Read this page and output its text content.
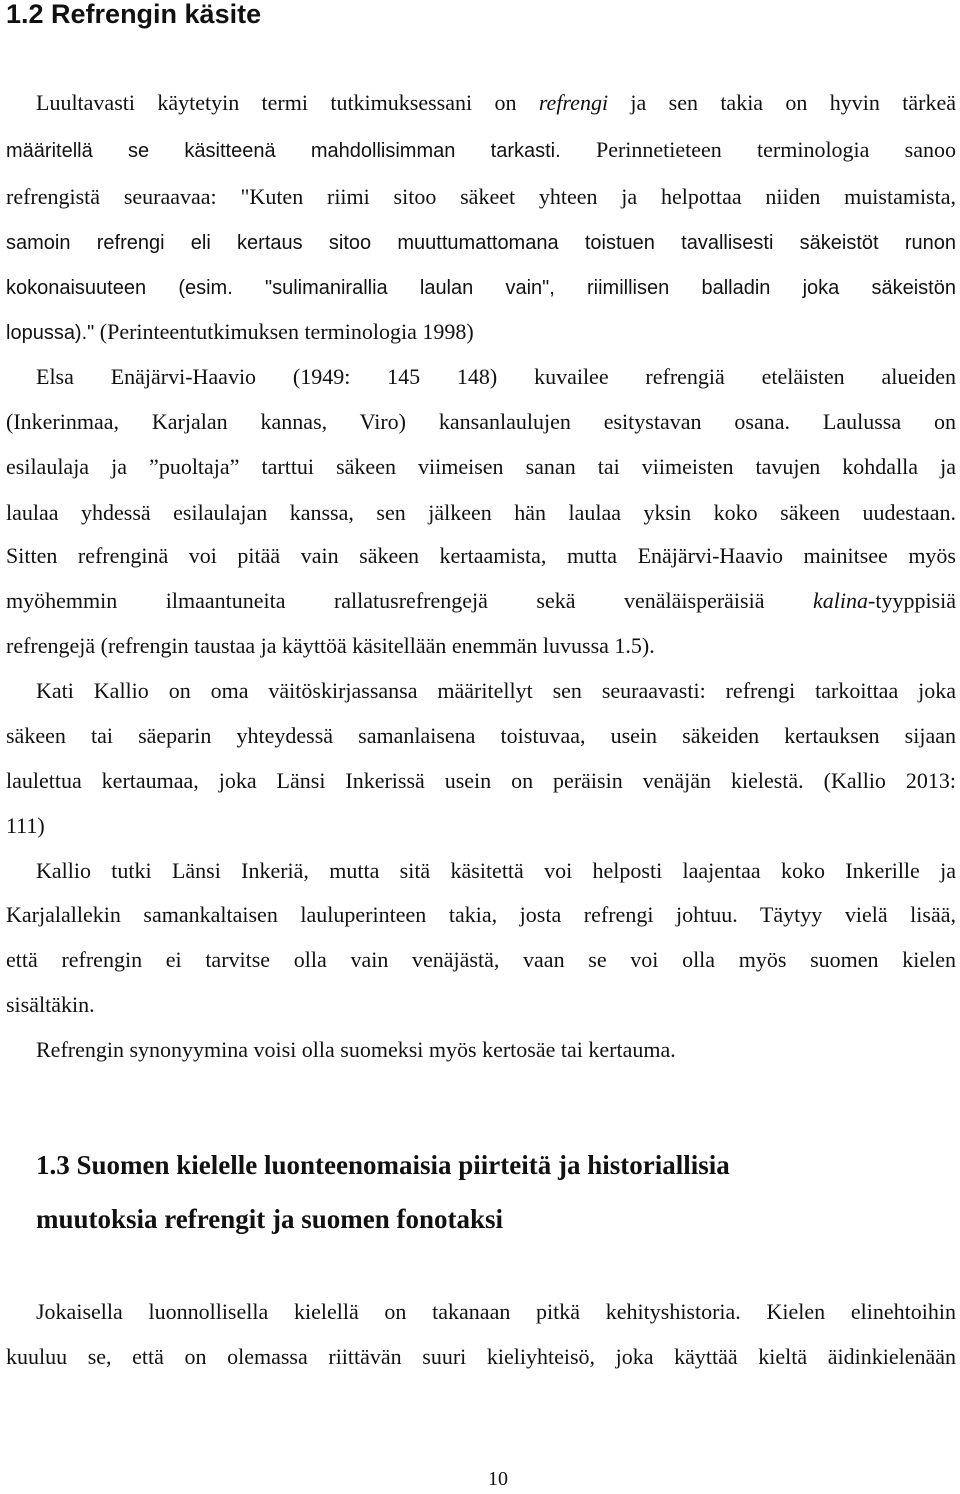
1.2 Refrengin käsite

Luultavasti käytetyin termi tutkimuksessani on refrengi ja sen takia on hyvin tärkeä

määritellä se käsitteenä mahdollisimman tarkasti. Perinnetieteen terminologia sanoo

refrengistä seuraavaa: "Kuten riimi sitoo säkeet yhteen ja helpottaa niiden muistamista,

samoin refrengi eli kertaus sitoo muuttumattomana toistuen tavallisesti säkeistöt runon

kokonaisuuteen (esim. "sulimanirallia laulan vain", riimillisen balladin joka säkeistön

lopussa)." (Perinteentutkimuksen terminologia 1998)

Elsa Enäjärvi-Haavio (1949: 145 148) kuvailee refrengiä eteläisten alueiden

(Inkerinmaa, Karjalan kannas, Viro) kansanlaulujen esitystavan osana. Laulussa on

esilaulaja ja ”puoltaja” tarttui säkeen viimeisen sanan tai viimeisten tavujen kohdalla ja

laulaa yhdessä esilaulajan kanssa, sen jälkeen hän laulaa yksin koko säkeen uudestaan.

Sitten refrenginä voi pitää vain säkeen kertaamista, mutta Enäjärvi-Haavio mainitsee myös

myöhemmin ilmaantuneita rallatusrefrengejä sekä venäläisperäisiä kalina-tyyppisiä

refrengejä (refrengin taustaa ja käyttöä käsitellään enemmän luvussa 1.5).

Kati Kallio on oma väitöskirjassansa määritellyt sen seuraavasti: refrengi tarkoittaa joka

säkeen tai säeparin yhteydessä samanlaisena toistuvaa, usein säkeiden kertauksen sijaan

laulettua kertaumaa, joka Länsi Inkerissä usein on peräisin venäjän kielestä. (Kallio 2013:

111)

Kallio tutki Länsi Inkeriä, mutta sitä käsitettä voi helposti laajentaa koko Inkerille ja

Karjalallekin samankaltaisen lauluperinteen takia, josta refrengi johtuu. Täytyy vielä lisää,

että refrengin ei tarvitse olla vain venäjästä, vaan se voi olla myös suomen kielen

sisältäkin.

Refrengin synonyymina voisi olla suomeksi myös kertosäe tai kertauma.

1.3 Suomen kielelle luonteenomaisia piirteitä ja historiallisia
muutoksia refrengit ja suomen fonotaksi

Jokaisella luonnollisella kielellä on takanaan pitkä kehityshistoria. Kielen elinehtoihin

kuuluu se, että on olemassa riittävän suuri kieliyhteisö, joka käyttää kieltä äidinkielenään

10
